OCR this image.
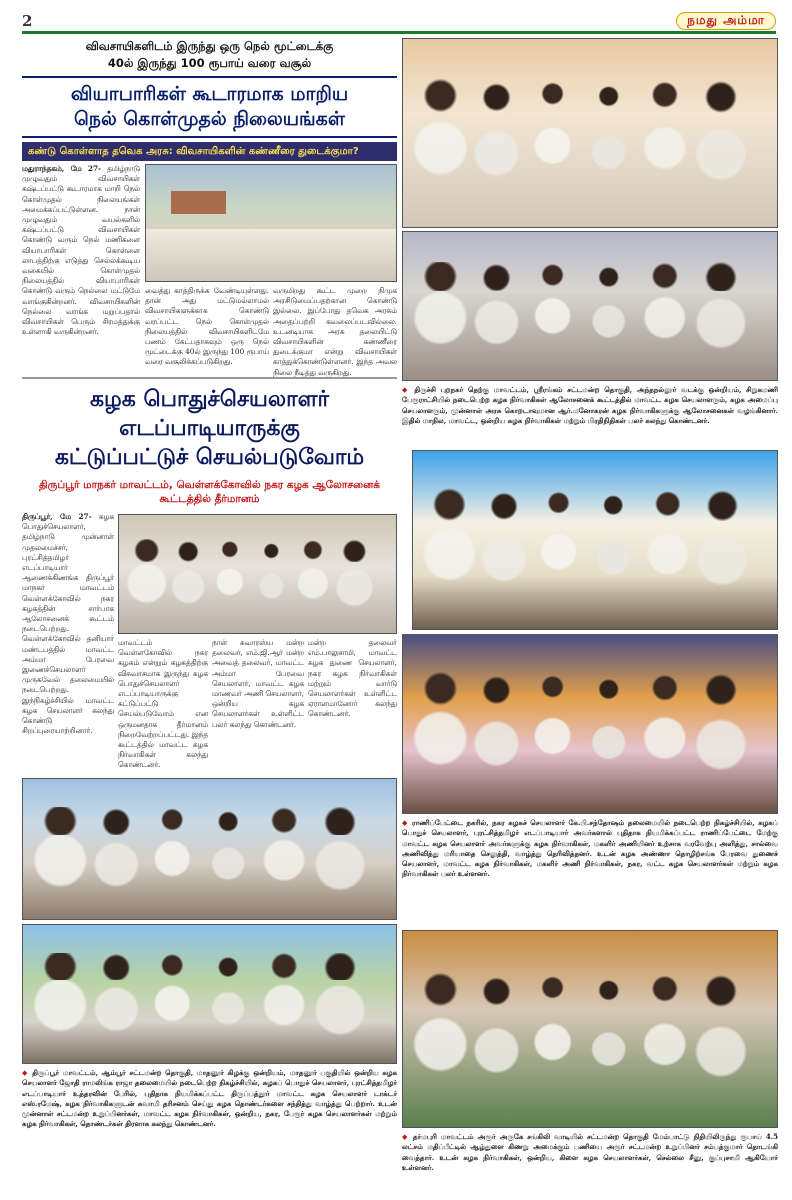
2	நமது அம்மா
விவசாயிகளிடம் இருந்து ஒரு நெல் மூட்டைக்கு
40ல் இருந்து 100 ரூபாய் வரை வசூல்
வியாபாரிகள் கூடாரமாக மாறிய
நெல் கொள்முதல் நிலையங்கள்
கண்டு கொள்ளாத தவெக அரசு: விவசாயிகளின் கண்ணீரை துடைக்குமா?
மதுராந்தகம், மே 27- தமிழ்நாடு முழுவதும் விவசாயிகள் கஷ்டப்பட்டு கூடாரமாக மாறி நெல் கொள்முதல் நிலையங்கள் அமைக்கப்பட்டுள்ளன. நான் முழுவதும் வயல்களில் கஷ்டப்பட்டு விவசாயிகள் கொண்டு வரும் நெல் மணிகளை வியாபாரிகள் கொள்ளை லாபத்திற்கு எடுத்து செல்லக்கூடிய வகையில் கொள்முதல் நிலையத்தில் வியாபாரிகள் கொண்டு வரும் நெல்லை மட்டுமே வாங்குகின்றனர். விவசாயிகளின் நெல்லை வாங்க மறுப்பதால் விவசாயிகள் பெரும் சிரமத்துக்கு உள்ளாகி வருகின்றனர்.
வைத்து காத்திருக்க வேண்டியுள்ளது. தான் அது மட்டுமல்லாமல் விவசாயிகளுக்காக கொண்டு வரப்பட்ட நெல் கொள்முதல் நிலையத்தில் விவசாயிகளிடமே பணம் கேட்பதாகவும் ஒரு நெல் மூட்டைக்கு 40ல் இருந்து 100 ரூபாய் வரை வசூலிக்கப்படுகிறது.
வருமிறது கூட்ட முறை நிமுக அரசிடுமைப்பதற்கான கொண்டு இல்லை. இப்போது தவெக அரசும் அதைப்பற்றி கவலைப்படவில்லை. உடனடியாக அரசு தலையிட்டு விவசாயிகளின் கண்ணீரை துடைக்குமா என்று விவசாயிகள் காத்துக்கொண்டுள்ளனர். இந்த அவல நிலை நீடித்து வருகிறது.
கழக பொதுச்செயலாளர் எடப்பாடியாருக்கு
கட்டுப்பட்டுச் செயல்படுவோம்
திருப்பூர் மாநகர் மாவட்டம், வெள்ளக்கோவில் நகர கழக ஆலோசனைக் கூட்டத்தில் தீர்மானம்
திருப்பூர், மே 27- கழக பொதுச்செயலாளர், தமிழ்நாடு முன்னாள் முதலமைச்சர், புரட்சித்தமிழர் எடப்பாடியார் ஆணைக்கிணங்க திருப்பூர் மாநகர் மாவட்டம் வெள்ளக்கோவில் நகர கழகத்தின் சார்பாக ஆலோசனைக் கூட்டம் நடைபெற்றது. வெள்ளக்கோவில் தனியார் மண்டபத்தில் மாவட்ட அம்மா பேரவை இணைச்செயலாளர் முருகவேல் தலைமையில் நடைபெற்றது. இந்நிகழ்ச்சியில் மாவட்ட கழக செயலாளர் கலந்து கொண்டு சிறப்புரையாற்றினார்.
மாவட்டம் வெள்ளகோவில் நகர கழகம் என்றும் கழகத்திற்கு விசுவாசமாக இருந்து கழக பொதுச்செயலாளர் எடப்பாடியாருக்கு கட்டுப்பட்டு செயல்படுவோம் என ஒருமனதாக தீர்மானம் நிறைவேற்றப்பட்டது. இந்த கூட்டத்தில் மாவட்ட கழக நிர்வாகிகள் கலந்து கொண்டனர்.
நாள் சுவாரஸ்ய மன்ற தலைவர், எம்.ஜி.ஆர் மன்ற அவைத் தலைவர், மாவட்ட அம்மா பேரவை செயலாளர், மாவட்ட கழக மாணவர் அணி செயலாளர், ஒன்றிய கழக செயலாளர்கள் உள்ளிட்ட பலர் கலந்து கொண்டனர்.
மன்ற தலைவர் எம்.பாலுசாமி, மாவட்ட கழக துணை செயலாளர், நகர கழக நிர்வாகிகள் மற்றும் வார்டு செயலாளர்கள் உள்ளிட்ட ஏராளமானோர் கலந்து கொண்டனர்.
◆ திருப்பூர் மாவட்டம், ஆம்பூர் சட்டமன்ற தொகுதி, மாதனூர் கிழக்கு ஒன்றியம், மாதனூர் பகுதியில் ஒன்றிய கழக செயலாளர் ஜோதி ராமலிங்க ராஜா தலைமையில் நடைபெற்ற நிகழ்ச்சியில், கழகப் பொதுச் செயலாளர், புரட்சித்தமிழர் எடப்பாடியார் உத்தரவின் பேரில், புதிதாக நியமிக்கப்பட்ட திருப்பத்தூர் மாவட்ட கழக செயலாளர் டாக்டர் எஸ்.ரமேஷ், கழக நிர்வாகிகளுடன் சுவாமி தரிசனம் செய்து கழக தொண்டர்களை சந்தித்து வாழ்த்து பெற்றார். உடன் முன்னாள் சட்டமன்ற உறுப்பினர்கள், மாவட்ட கழக நிர்வாகிகள், ஒன்றிய, நகர, பேரூர் கழக செயலாளர்கள் மற்றும் கழக நிர்வாகிகள், தொண்டர்கள் திரளாக கலந்து கொண்டனர்.
◆ திருச்சி புறநகர் தெற்கு மாவட்டம், ஸ்ரீரங்கம் சட்டமன்ற தொகுதி, அந்தநல்லூர் வடக்கு ஒன்றியம், சிறுகமணி பேரூராட்சியில் நடைபெற்ற கழக நிர்வாகிகள் ஆலோசனைக் கூட்டத்தில் மாவட்ட கழக செயலாளரும், கழக அமைப்பு செயலாளரும், முன்னாள் அரசு கொறடாவுமான ஆர்.மனோகரன் கழக நிர்வாகிகளுக்கு ஆலோசனைகள் வழங்கினார். இதில் மாநில, மாவட்ட, ஒன்றிய கழக நிர்வாகிகள் மற்றும் பிரதிநிதிகள் பலர் கலந்து கொண்டனர்.
◆ ராணிப்பேட்டை நகரில், நகர கழகச் செயலாளர் கே.பி.சந்தோஷம் தலைமையில் நடைபெற்ற நிகழ்ச்சியில், கழகப் பொதுச் செயலாளர், புரட்சித்தமிழர் எடப்பாடியார் அவர்களால் புதிதாக நியமிக்கப்பட்ட ராணிப்பேட்டை மேற்கு மாவட்ட கழக செயலாளர் அவர்களுக்கு கழக நிர்வாகிகள், மகளிர் அணியினர் உற்சாக வரவேற்பு அளித்து, சால்வை அணிவித்து மரியாதை செலுத்தி, வாழ்த்து தெரிவித்தனர். உடன் கழக அண்ணா தொழிற்சங்க பேரவை துணைச் செயலாளர், மாவட்ட கழக நிர்வாகிகள், மகளிர் அணி நிர்வாகிகள், நகர, வட்ட கழக செயலாளர்கள் மற்றும் கழக நிர்வாகிகள் பலர் உள்ளனர்.
◆ தர்மபுரி மாவட்டம் அரூர் அருகே சங்கிலி வாடியில் சட்டமன்ற தொகுதி மேம்பாட்டு நிதியிலிருந்து ரூபாய் 4.5 லட்சம் மதிப்பீட்டில் ஆழ்துளை கிணறு அமைக்கும் பணியை அரூர் சட்டமன்ற உறுப்பினர் சம்பத்குமார் தொடங்கி வைத்தார். உடன் கழக நிர்வாகிகள், ஒன்றிய, கிளை கழக செயலாளர்கள், செல்லை சீனு, குப்புசாமி ஆகியோர் உள்ளனர்.
